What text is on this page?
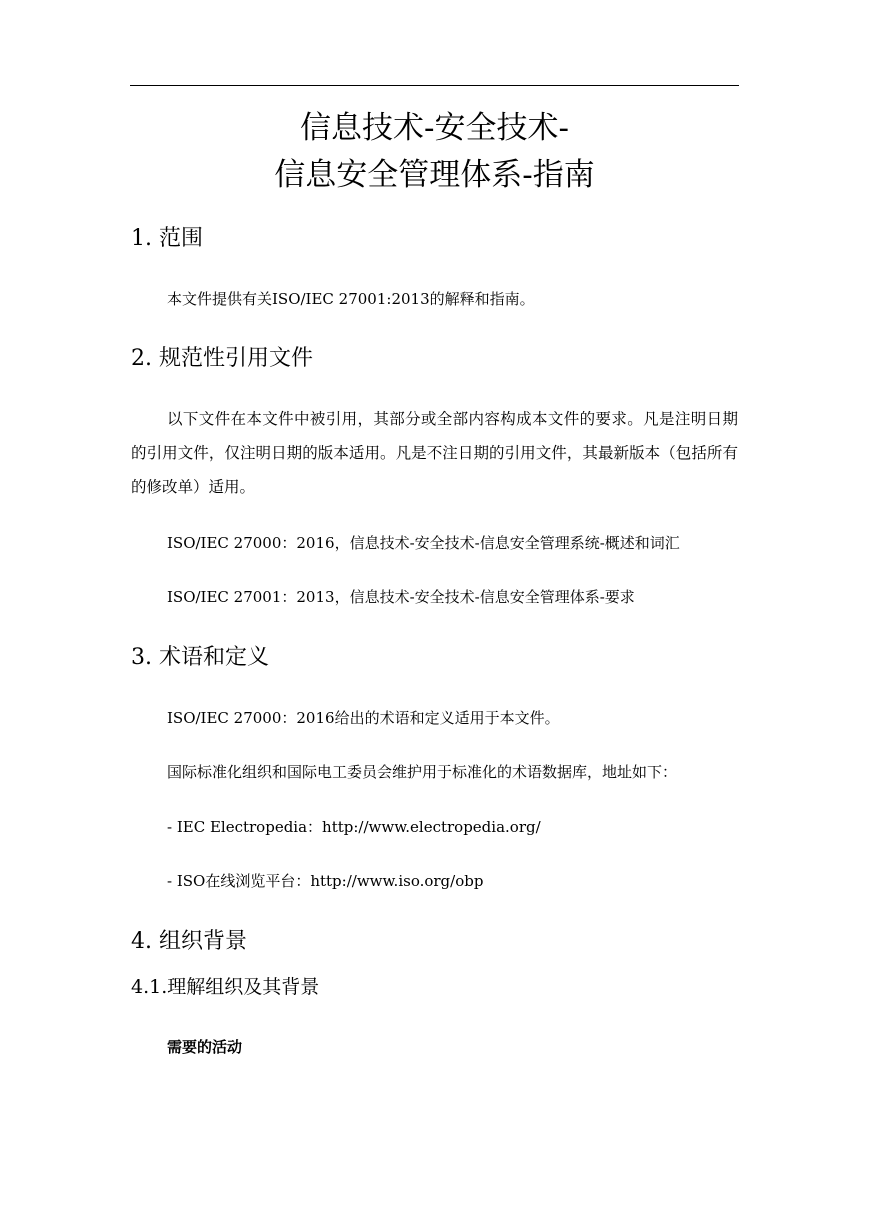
信息技术-安全技术-
信息安全管理体系-指南
1. 范围
本文件提供有关ISO/IEC 27001:2013的解释和指南。
2. 规范性引用文件
以下文件在本文件中被引用，其部分或全部内容构成本文件的要求。凡是注明日期的引用文件，仅注明日期的版本适用。凡是不注日期的引用文件，其最新版本（包括所有的修改单）适用。
ISO/IEC 27000：2016，信息技术-安全技术-信息安全管理系统-概述和词汇
ISO/IEC 27001：2013，信息技术-安全技术-信息安全管理体系-要求
3. 术语和定义
ISO/IEC 27000：2016给出的术语和定义适用于本文件。
国际标准化组织和国际电工委员会维护用于标准化的术语数据库，地址如下：
- IEC Electropedia：http://www.electropedia.org/
- ISO在线浏览平台：http://www.iso.org/obp
4. 组织背景
4.1.理解组织及其背景
需要的活动
